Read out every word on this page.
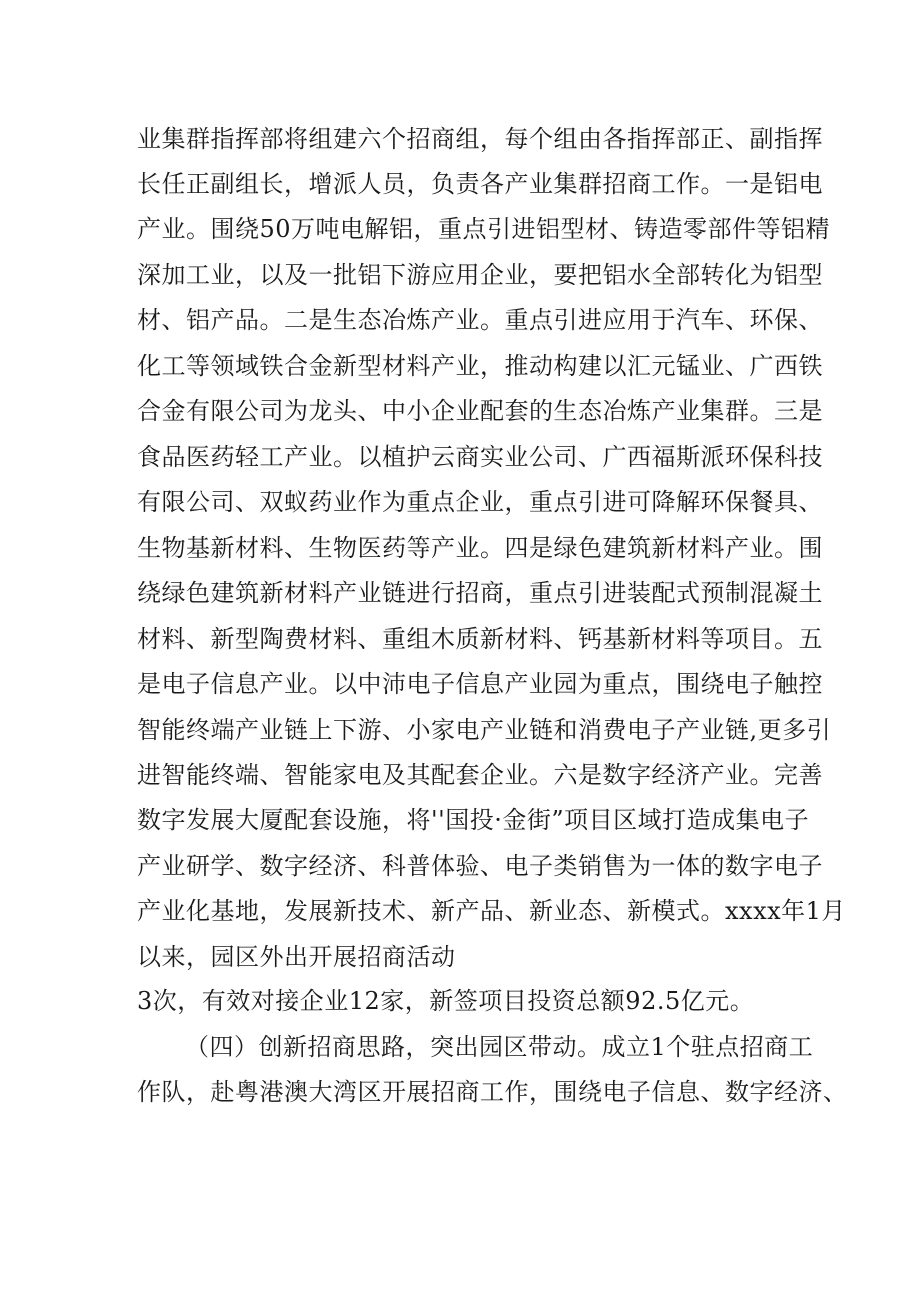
业集群指挥部将组建六个招商组，每个组由各指挥部正、副指挥
长任正副组长，增派人员，负责各产业集群招商工作。一是铝电
产业。围绕50万吨电解铝，重点引进铝型材、铸造零部件等铝精
深加工业，以及一批铝下游应用企业，要把铝水全部转化为铝型
材、铝产品。二是生态冶炼产业。重点引进应用于汽车、环保、
化工等领域铁合金新型材料产业，推动构建以汇元锰业、广西铁
合金有限公司为龙头、中小企业配套的生态冶炼产业集群。三是
食品医药轻工产业。以植护云商实业公司、广西福斯派环保科技
有限公司、双蚁药业作为重点企业，重点引进可降解环保餐具、
生物基新材料、生物医药等产业。四是绿色建筑新材料产业。围
绕绿色建筑新材料产业链进行招商，重点引进装配式预制混凝土
材料、新型陶费材料、重组木质新材料、钙基新材料等项目。五
是电子信息产业。以中沛电子信息产业园为重点，围绕电子触控
智能终端产业链上下游、小家电产业链和消费电子产业链,更多引
进智能终端、智能家电及其配套企业。六是数字经济产业。完善
数字发展大厦配套设施，将''国投·金街”项目区域打造成集电子
产业研学、数字经济、科普体验、电子类销售为一体的数字电子
产业化基地，发展新技术、新产品、新业态、新模式。xxxx年1月
以来，园区外出开展招商活动
3次，有效对接企业12家，新签项目投资总额92.5亿元。
（四）创新招商思路，突出园区带动。成立1个驻点招商工
作队，赴粤港澳大湾区开展招商工作，围绕电子信息、数字经济、
